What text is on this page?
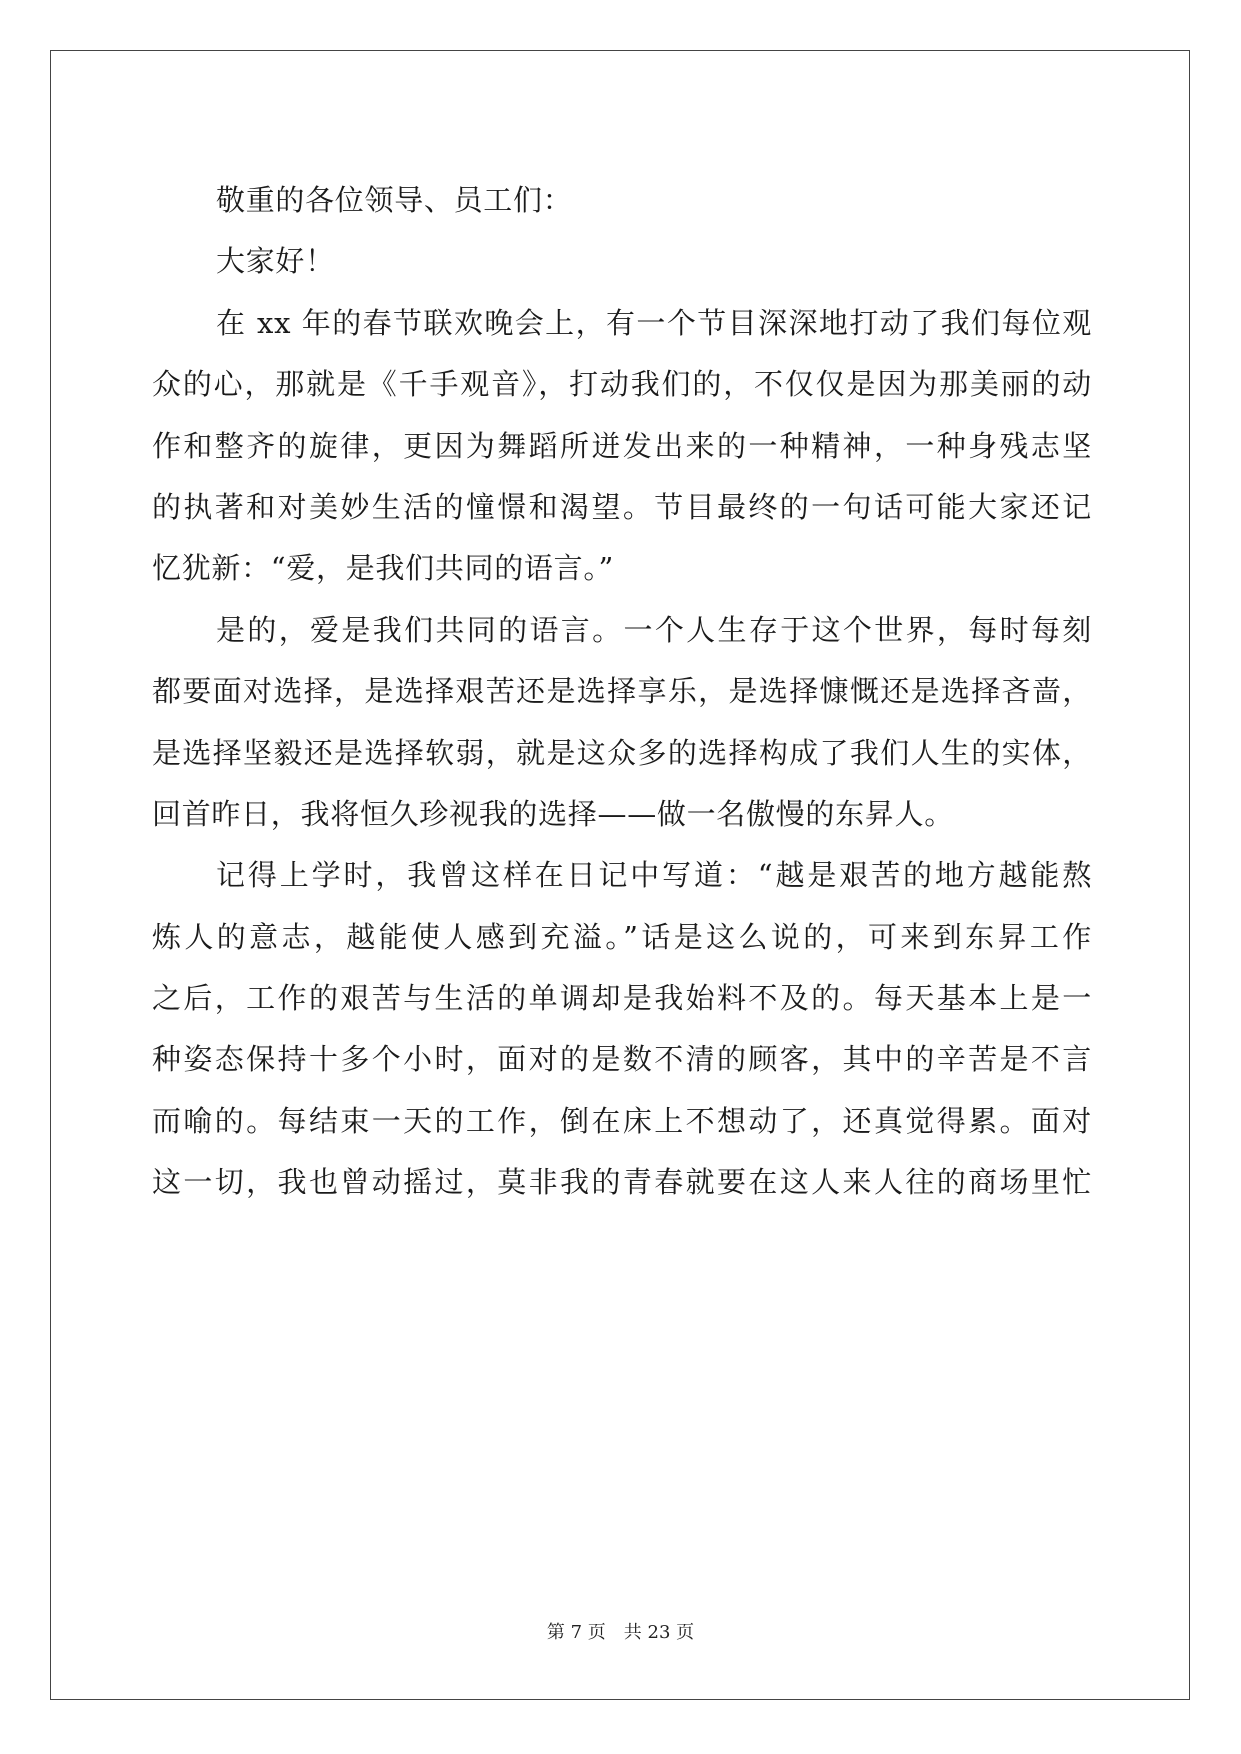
敬重的各位领导、员工们：
大家好！
在 xx 年的春节联欢晚会上，有一个节目深深地打动了我们每位观
众的心，那就是《千手观音》，打动我们的，不仅仅是因为那美丽的动
作和整齐的旋律，更因为舞蹈所迸发出来的一种精神，一种身残志坚
的执著和对美妙生活的憧憬和渴望。节目最终的一句话可能大家还记
忆犹新：“爱，是我们共同的语言。”
是的，爱是我们共同的语言。一个人生存于这个世界，每时每刻
都要面对选择，是选择艰苦还是选择享乐，是选择慷慨还是选择吝啬，
是选择坚毅还是选择软弱，就是这众多的选择构成了我们人生的实体，
回首昨日，我将恒久珍视我的选择——做一名傲慢的东昇人。
记得上学时，我曾这样在日记中写道：“越是艰苦的地方越能熬
炼人的意志，越能使人感到充溢。”话是这么说的，可来到东昇工作
之后，工作的艰苦与生活的单调却是我始料不及的。每天基本上是一
种姿态保持十多个小时，面对的是数不清的顾客，其中的辛苦是不言
而喻的。每结束一天的工作，倒在床上不想动了，还真觉得累。面对
这一切，我也曾动摇过，莫非我的青春就要在这人来人往的商场里忙
第 7 页 共 23 页
